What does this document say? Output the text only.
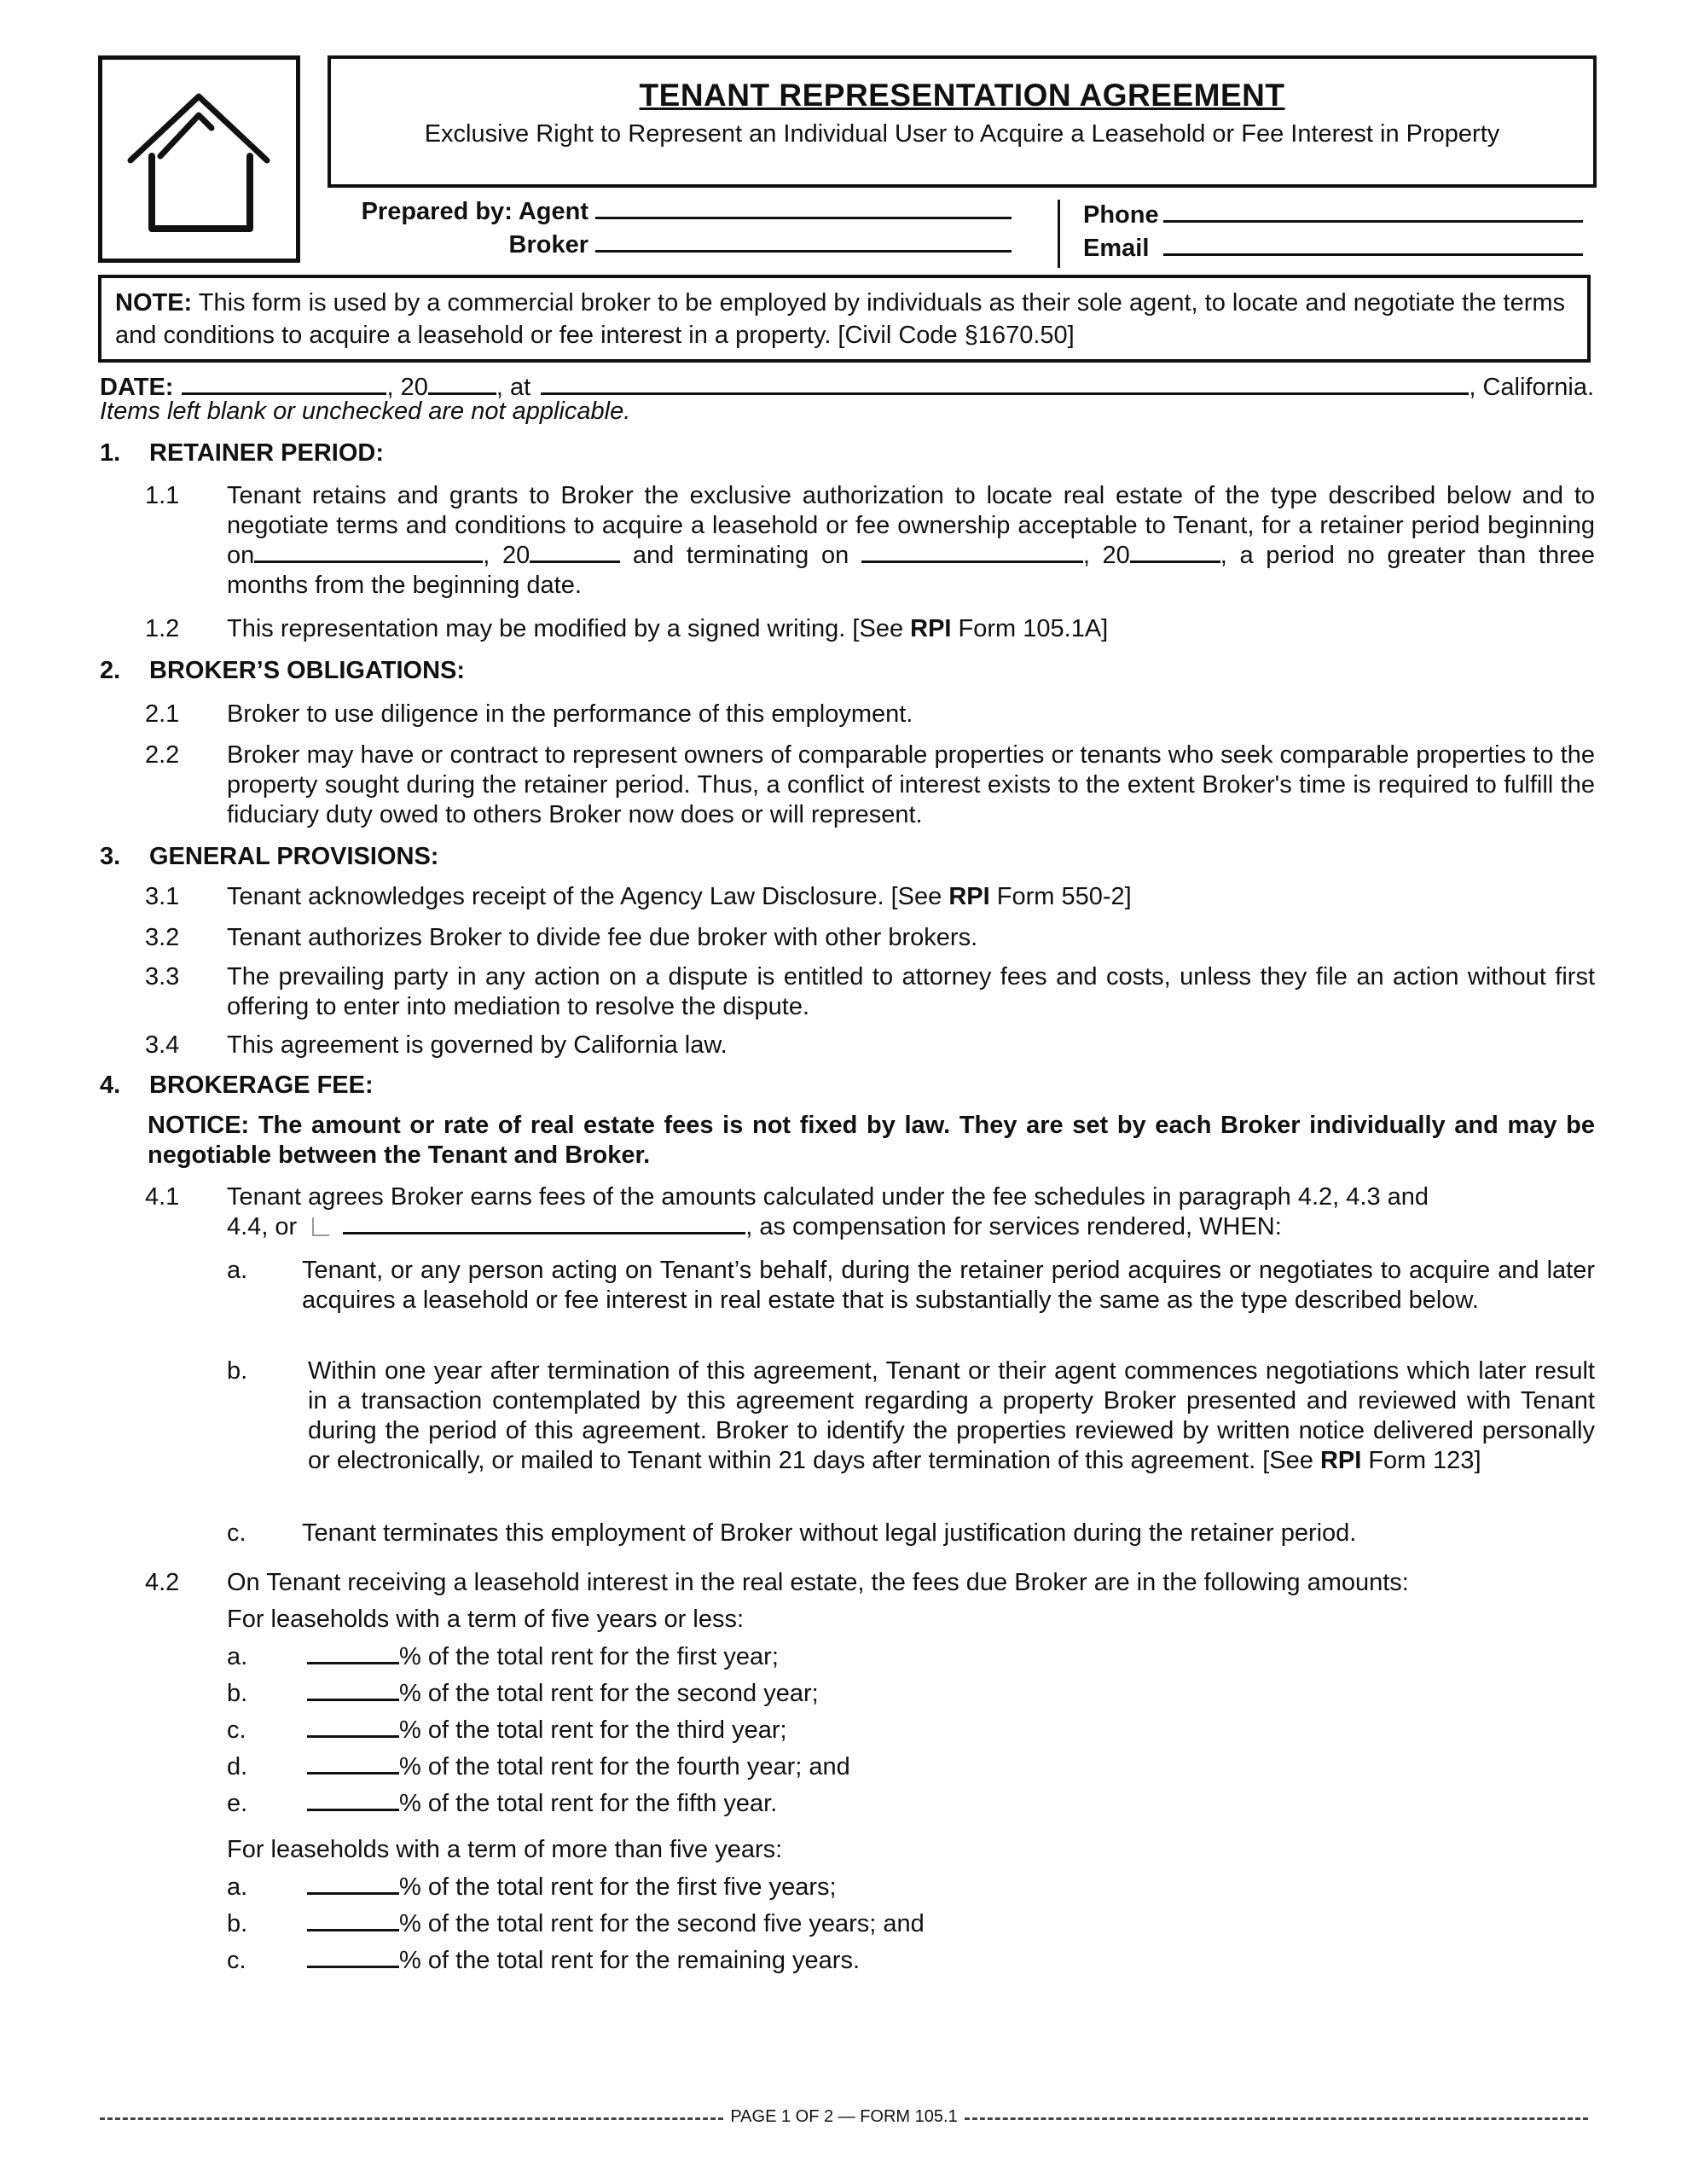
TENANT REPRESENTATION AGREEMENT
Exclusive Right to Represent an Individual User to Acquire a Leasehold or Fee Interest in Property
Prepared by: Agent
Broker
Phone
Email
NOTE: This form is used by a commercial broker to be employed by individuals as their sole agent, to locate and negotiate the terms and conditions to acquire a leasehold or fee interest in a property. [Civil Code §1670.50]
DATE:	, 20	, at	, California.
Items left blank or unchecked are not applicable.
1. RETAINER PERIOD:
1.1 Tenant retains and grants to Broker the exclusive authorization to locate real estate of the type described below and to negotiate terms and conditions to acquire a leasehold or fee ownership acceptable to Tenant, for a retainer period beginning on	, 20	and terminating on	, 20	, a period no greater than three months from the beginning date.
1.2 This representation may be modified by a signed writing. [See RPI Form 105.1A]
2. BROKER’S OBLIGATIONS:
2.1 Broker to use diligence in the performance of this employment.
2.2 Broker may have or contract to represent owners of comparable properties or tenants who seek comparable properties to the property sought during the retainer period. Thus, a conflict of interest exists to the extent Broker's time is required to fulfill the fiduciary duty owed to others Broker now does or will represent.
3. GENERAL PROVISIONS:
3.1 Tenant acknowledges receipt of the Agency Law Disclosure. [See RPI Form 550-2]
3.2 Tenant authorizes Broker to divide fee due broker with other brokers.
3.3 The prevailing party in any action on a dispute is entitled to attorney fees and costs, unless they file an action without first offering to enter into mediation to resolve the dispute.
3.4 This agreement is governed by California law.
4. BROKERAGE FEE:
NOTICE: The amount or rate of real estate fees is not fixed by law. They are set by each Broker individually and may be negotiable between the Tenant and Broker.
4.1 Tenant agrees Broker earns fees of the amounts calculated under the fee schedules in paragraph 4.2, 4.3 and
4.4, or	, as compensation for services rendered, WHEN:
a. Tenant, or any person acting on Tenant’s behalf, during the retainer period acquires or negotiates to acquire and later acquires a leasehold or fee interest in real estate that is substantially the same as the type described below.
b. Within one year after termination of this agreement, Tenant or their agent commences negotiations which later result in a transaction contemplated by this agreement regarding a property Broker presented and reviewed with Tenant during the period of this agreement. Broker to identify the properties reviewed by written notice delivered personally or electronically, or mailed to Tenant within 21 days after termination of this agreement. [See RPI Form 123]
c. Tenant terminates this employment of Broker without legal justification during the retainer period.
4.2 On Tenant receiving a leasehold interest in the real estate, the fees due Broker are in the following amounts:
For leaseholds with a term of five years or less:
a.	% of the total rent for the first year;
b.	% of the total rent for the second year;
c.	% of the total rent for the third year;
d.	% of the total rent for the fourth year; and
e.	% of the total rent for the fifth year.
For leaseholds with a term of more than five years:
a.	% of the total rent for the first five years;
b.	% of the total rent for the second five years; and
c.	% of the total rent for the remaining years.
PAGE 1 OF 2 — FORM 105.1
